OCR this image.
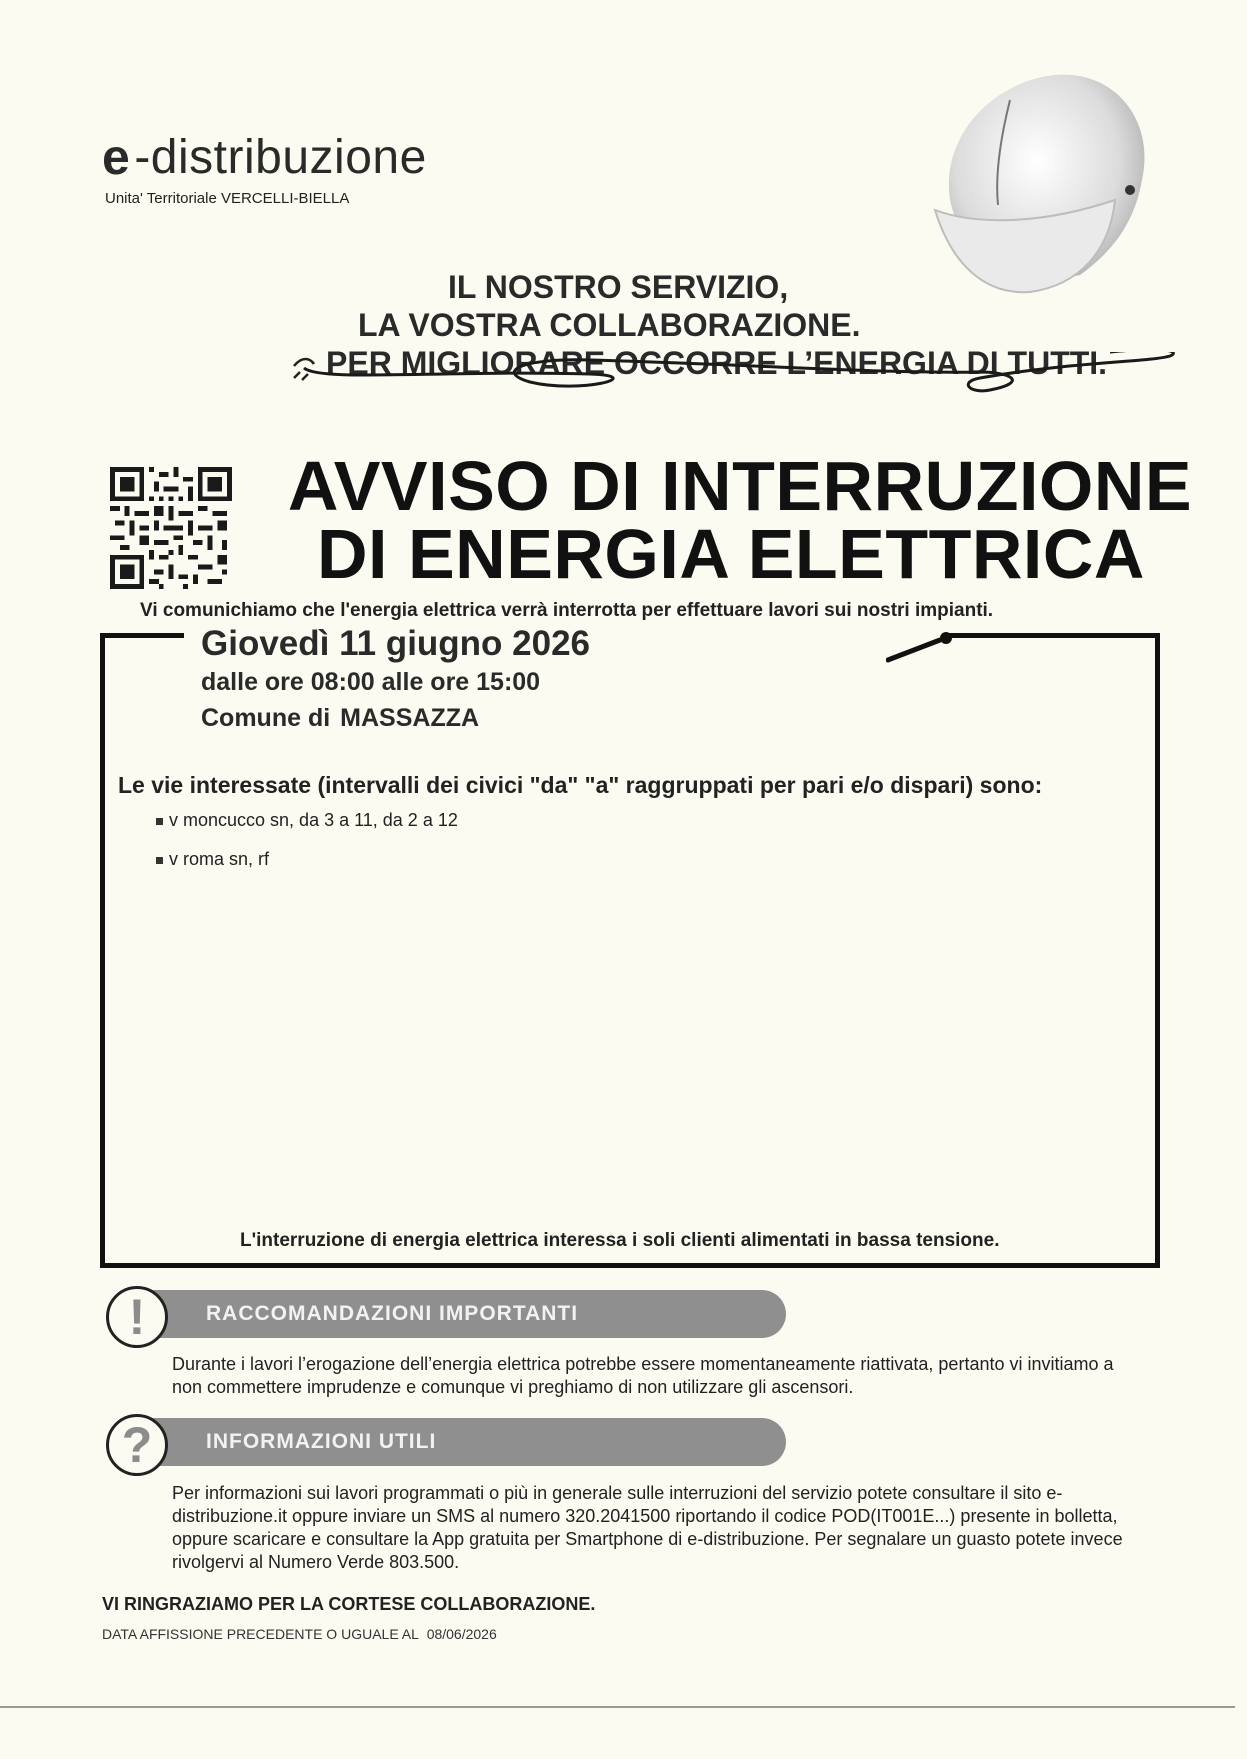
e -distribuzione
Unita' Territoriale VERCELLI-BIELLA
IL NOSTRO SERVIZIO,
LA VOSTRA COLLABORAZIONE.
PER MIGLIORARE OCCORRE L’ENERGIA DI TUTTI.
AVVISO DI INTERRUZIONE
DI ENERGIA ELETTRICA
Vi comunichiamo che l'energia elettrica verrà interrotta per effettuare lavori sui nostri impianti.
Giovedì 11 giugno 2026
dalle ore 08:00 alle ore 15:00
Comune di MASSAZZA
Le vie interessate (intervalli dei civici "da" "a" raggruppati per pari e/o dispari) sono:
v moncucco sn, da 3 a 11, da 2 a 12
v roma sn, rf
L'interruzione di energia elettrica interessa i soli clienti alimentati in bassa tensione.
RACCOMANDAZIONI IMPORTANTI
!
Durante i lavori l’erogazione dell’energia elettrica potrebbe essere momentaneamente riattivata, pertanto vi invitiamo a non commettere imprudenze e comunque vi preghiamo di non utilizzare gli ascensori.
INFORMAZIONI UTILI
?
Per informazioni sui lavori programmati o più in generale sulle interruzioni del servizio potete consultare il sito e-distribuzione.it oppure inviare un SMS al numero 320.2041500 riportando il codice POD(IT001E...) presente in bolletta, oppure scaricare e consultare la App gratuita per Smartphone di e-distribuzione. Per segnalare un guasto potete invece rivolgervi al Numero Verde 803.500.
VI RINGRAZIAMO PER LA CORTESE COLLABORAZIONE.
DATA AFFISSIONE PRECEDENTE O UGUALE AL 08/06/2026
